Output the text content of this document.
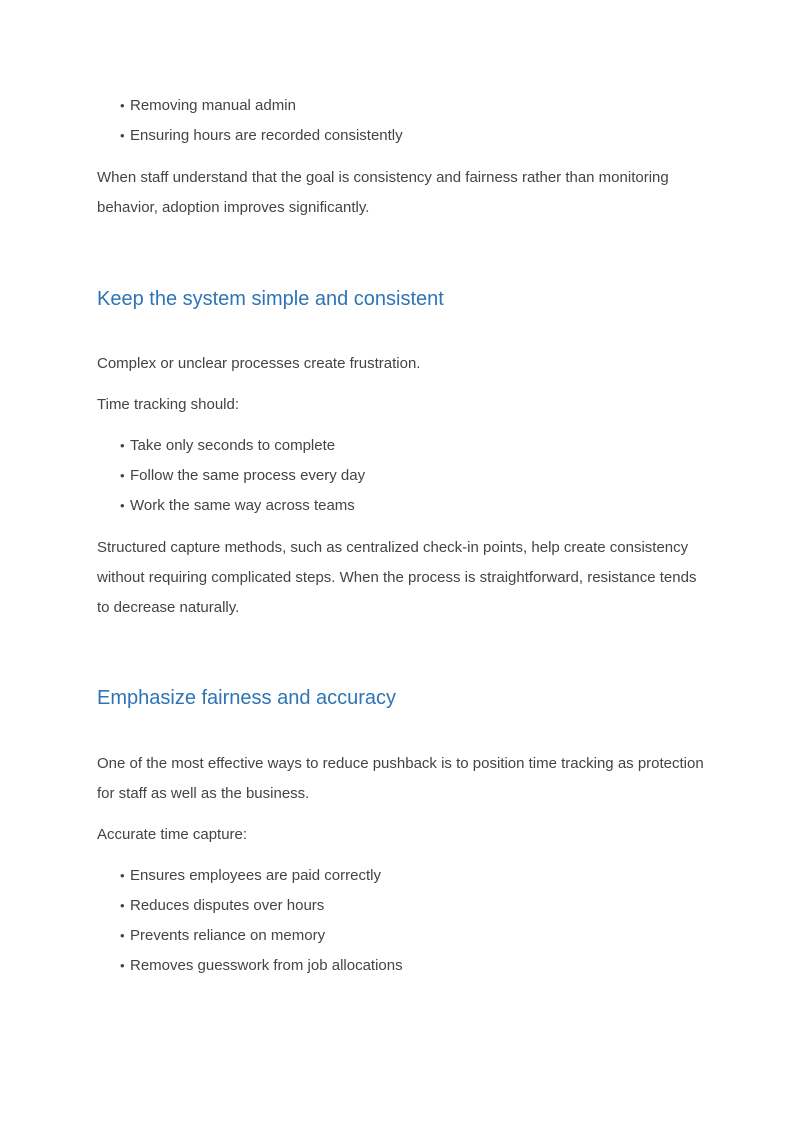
• Removing manual admin
• Ensuring hours are recorded consistently

When staff understand that the goal is consistency and fairness rather than monitoring behavior, adoption improves significantly.

Keep the system simple and consistent

Complex or unclear processes create frustration.

Time tracking should:

• Take only seconds to complete
• Follow the same process every day
• Work the same way across teams

Structured capture methods, such as centralized check-in points, help create consistency without requiring complicated steps. When the process is straightforward, resistance tends to decrease naturally.

Emphasize fairness and accuracy

One of the most effective ways to reduce pushback is to position time tracking as protection for staff as well as the business.

Accurate time capture:

• Ensures employees are paid correctly
• Reduces disputes over hours
• Prevents reliance on memory
• Removes guesswork from job allocations
